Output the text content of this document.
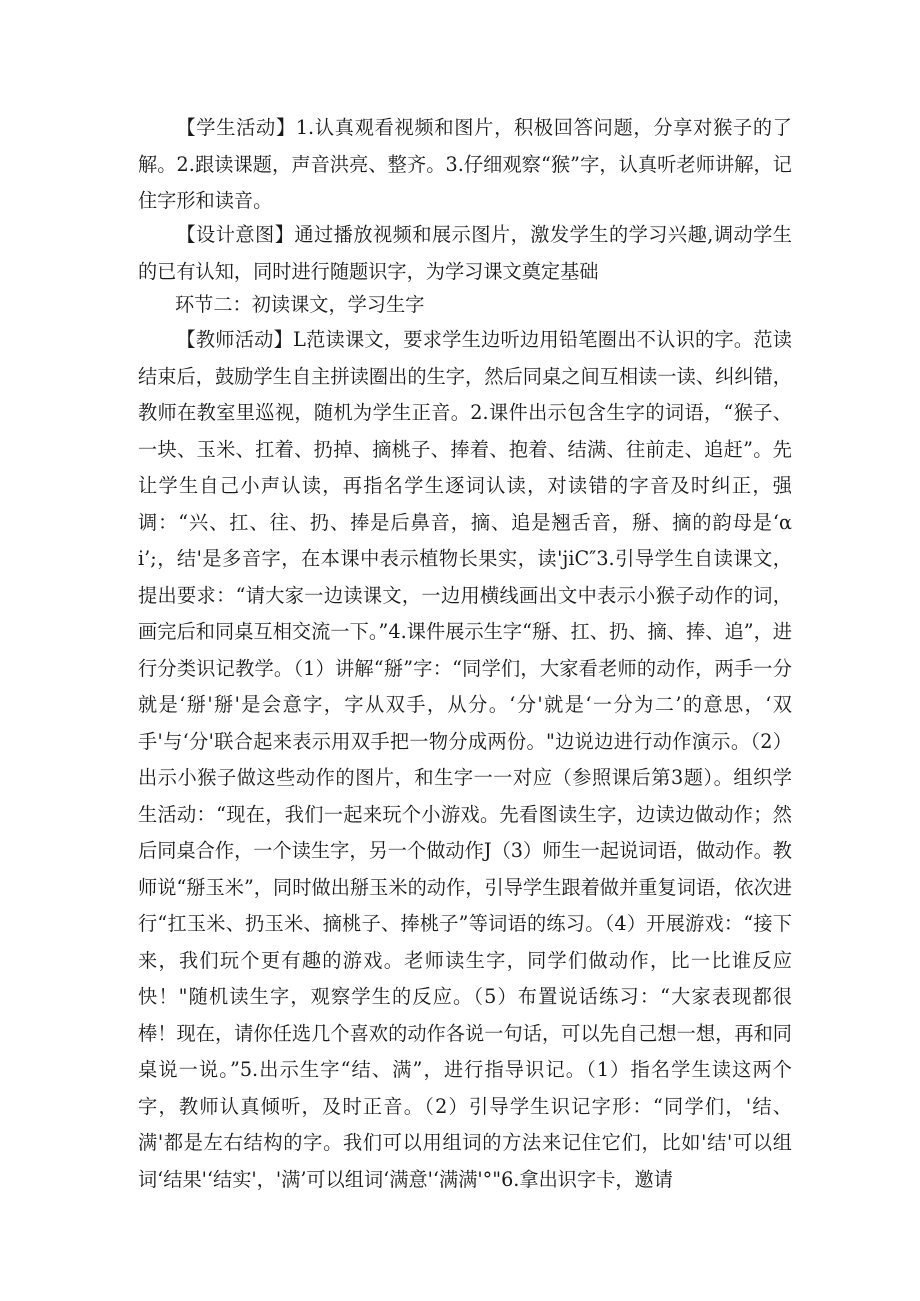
【学生活动】1.认真观看视频和图片，积极回答问题，分享对猴子的了解。2.跟读课题，声音洪亮、整齐。3.仔细观察“猴”字，认真听老师讲解，记住字形和读音。

【设计意图】通过播放视频和展示图片，激发学生的学习兴趣,调动学生的已有认知，同时进行随题识字，为学习课文奠定基础

环节二：初读课文，学习生字

【教师活动】L范读课文，要求学生边听边用铅笔圈出不认识的字。范读结束后，鼓励学生自主拼读圈出的生字，然后同桌之间互相读一读、纠纠错，教师在教室里巡视，随机为学生正音。2.课件出示包含生字的词语，“猴子、一块、玉米、扛着、扔掉、摘桃子、捧着、抱着、结满、往前走、追赶”。先让学生自己小声认读，再指名学生逐词认读，对读错的字音及时纠正，强调：“兴、扛、往、扔、捧是后鼻音，摘、追是翘舌音，掰、摘的韵母是‘αi’;，结'是多音字，在本课中表示植物长果实，读'jiC″3.引导学生自读课文，提出要求：“请大家一边读课文，一边用横线画出文中表示小猴子动作的词，画完后和同桌互相交流一下。”4.课件展示生字“掰、扛、扔、摘、捧、追”，进行分类识记教学。（1）讲解“掰”字：“同学们，大家看老师的动作，两手一分就是‘掰'掰'是会意字，字从双手，从分。‘分'就是‘一分为二’的意思，‘双手'与‘分'联合起来表示用双手把一物分成两份。"边说边进行动作演示。（2）出示小猴子做这些动作的图片，和生字一一对应（参照课后第3题）。组织学生活动：“现在，我们一起来玩个小游戏。先看图读生字，边读边做动作；然后同桌合作，一个读生字，另一个做动作J（3）师生一起说词语，做动作。教师说“掰玉米”，同时做出掰玉米的动作，引导学生跟着做并重复词语，依次进行“扛玉米、扔玉米、摘桃子、捧桃子”等词语的练习。（4）开展游戏：“接下来，我们玩个更有趣的游戏。老师读生字，同学们做动作，比一比谁反应快！"随机读生字，观察学生的反应。（5）布置说话练习：“大家表现都很棒！现在，请你任选几个喜欢的动作各说一句话，可以先自己想一想，再和同桌说一说。”5.出示生字“结、满”，进行指导识记。（1）指名学生读这两个字，教师认真倾听，及时正音。（2）引导学生识记字形：“同学们，'结、满'都是左右结构的字。我们可以用组词的方法来记住它们，比如'结'可以组词‘结果'‘结实'，'满’可以组词‘满意'‘满满'°"6.拿出识字卡，邀请
